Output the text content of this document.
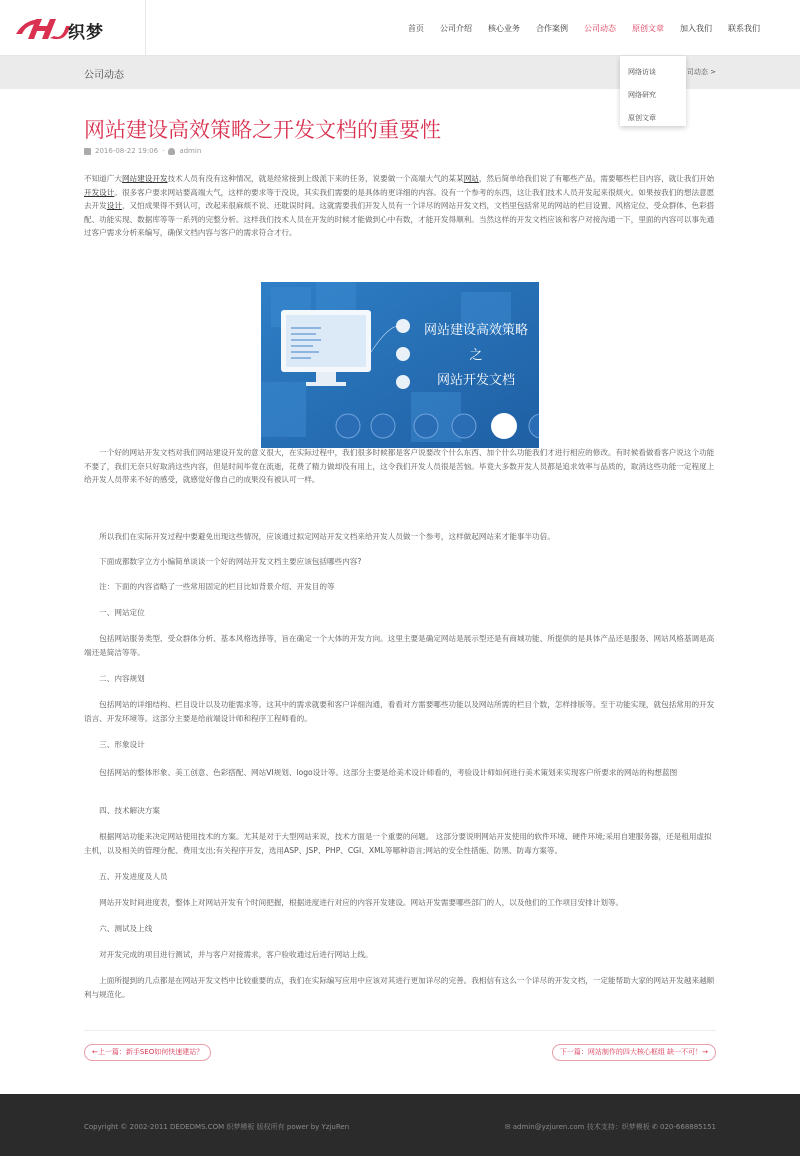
织梦	首页 公司介绍 核心业务 合作案例 公司动态 原创文章 加入我们 联系我们
公司动态	司动态 >
网络访谈
网络研究
原创文章
网站建设高效策略之开发文档的重要性
2016-08-22 19:06 · admin

不知道广大网站建设开发技术人员有没有这种情况，就是经常接到上级派下来的任务，说要做一个高端大气的某某网站，然后简单给我们说了有哪些产品，需要哪些栏目内容，就让我们开始开发设计。很多客户要求网站要高端大气，这样的要求等于没说，其实我们需要的是具体的更详细的内容。没有一个参考的东西，这让我们技术人员开发起来很烦火。如果按我们的想法意愿去开发设计，又怕成果得不到认可，改起来很麻烦不说、还耽误时间。这就需要我们开发人员有一个详尽的网站开发文档，文档里包括常见的网站的栏目设置、风格定位、受众群体、色彩搭配、功能实现、数据库等等一系列的完整分析。这样我们技术人员在开发的时候才能做到心中有数，才能开发得顺利。当然这样的开发文档应该和客户对接沟通一下，里面的内容可以事先通过客户需求分析来编写，确保文档内容与客户的需求符合才行。

网站建设高效策略
之
网站开发文档

　　一个好的网站开发文档对我们网站建设开发的意义很大，在实际过程中，我们很多时候都是客户说要改个什么东西、加个什么功能我们才进行相应的修改。有时候看做看客户说这个功能不要了，我们无奈只好取消这些内容，但是时间毕竟在流逝，花费了精力做却没有用上，这令我们开发人员很是苦恼。毕竟大多数开发人员都是追求效率与品质的，取消这些功能一定程度上给开发人员带来不好的感受，就感觉好像自己的成果没有被认可一样。

　　所以我们在实际开发过程中要避免出现这些情况，应该通过拟定网站开发文档来给开发人员做一个参考，这样做起网站来才能事半功倍。

　　下面成都数字立方小编简单谈谈一个好的网站开发文档主要应该包括哪些内容?

　　注：下面的内容省略了一些常用固定的栏目比如背景介绍、开发目的等

　　一、网站定位

　　包括网站服务类型、受众群体分析、基本风格选择等，旨在确定一个大体的开发方向。这里主要是确定网站是展示型还是有商城功能、所提供的是具体产品还是服务、网站风格基调是高端还是简洁等等。

　　二、内容规划

　　包括网站的详细结构、栏目设计以及功能需求等。这其中的需求就要和客户详细沟通，看看对方需要哪些功能以及网站所需的栏目个数，怎样排版等。至于功能实现，就包括常用的开发语言、开发环境等。这部分主要是给前端设计师和程序工程师看的。

　　三、形象设计

　　包括网站的整体形象、美工创意、色彩搭配、网站VI规划、logo设计等。这部分主要是给美术设计师看的，考验设计师如何进行美术策划来实现客户所要求的网站的构想蓝图

　　四、技术解决方案

　　根据网站功能来决定网站使用技术的方案。尤其是对于大型网站来说，技术方面是一个重要的问题。 这部分要说明网站开发使用的软件环境、硬件环境;采用自建服务器，还是租用虚拟主机，以及相关的管理分配、费用支出;有关程序开发，选用ASP、JSP、PHP、CGI、XML等哪种语言;网站的安全性措施、防黑、防毒方案等。

　　五、开发进度及人员

　　网站开发时间进度表，整体上对网站开发有个时间把握，根据进度进行对应的内容开发建设。网站开发需要哪些部门的人，以及他们的工作项目安排计划等。

　　六、测试及上线

　　对开发完成的项目进行测试，并与客户对接需求，客户验收通过后进行网站上线。

　　上面所提到的几点都是在网站开发文档中比较重要的点，我们在实际编写应用中应该对其进行更加详尽的完善。我相信有这么一个详尽的开发文档，一定能帮助大家的网站开发越来越顺利与规范化。

←上一篇：新手SEO如何快速建站？	下一篇：网站制作的四大核心框组 缺一不可！→
Copyright © 2002-2011 DEDEDMS.COM 织梦模板 版权所有 power by YzjuRen	✉ admin@yzjuren.com 技术支持：织梦模板 ✆ 020-668885151
